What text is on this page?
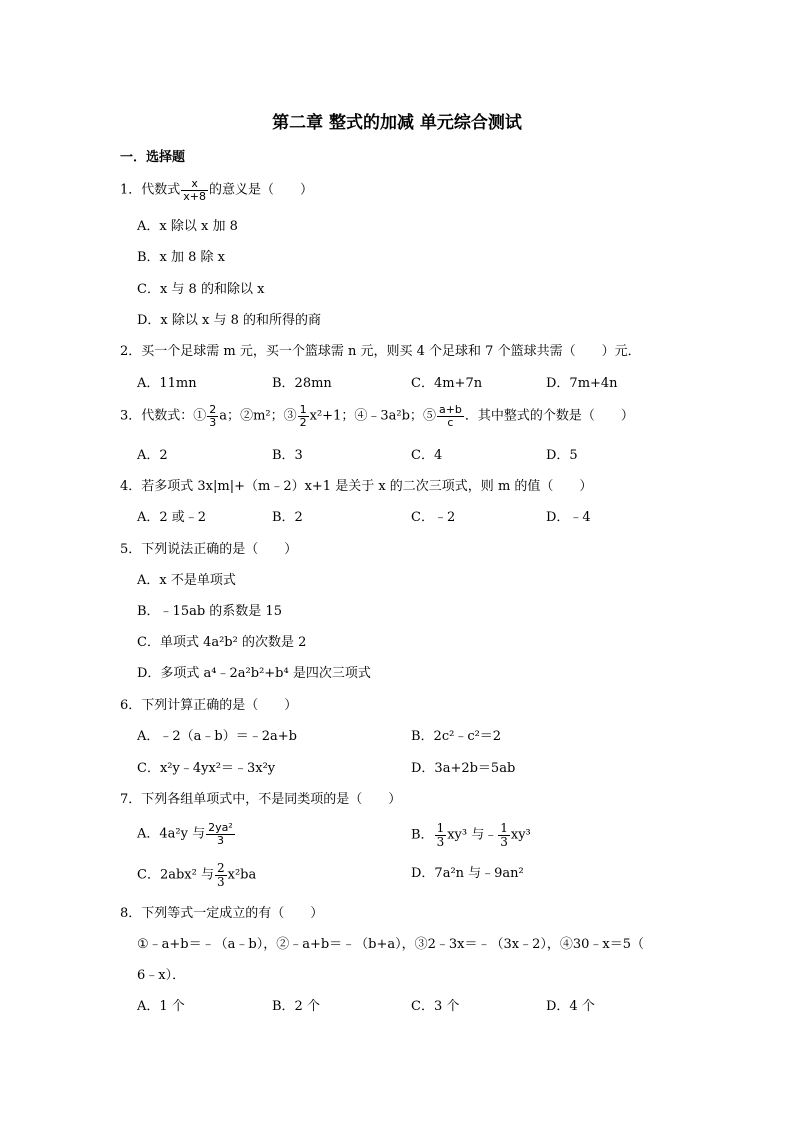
第二章 整式的加减 单元综合测试
一．选择题
1．代数式 $\frac{x}{x+8}$ 的意义是（　　）
A．x 除以 x 加 8
B．x 加 8 除 x
C．x 与 8 的和除以 x
D．x 除以 x 与 8 的和所得的商
2．买一个足球需 m 元，买一个篮球需 n 元，则买 4 个足球和 7 个篮球共需（　　）元．
A．11mn	B．28mn	C．4m+7n	D．7m+4n
3．代数式：① $\frac{2}{3}$ a；②m²；③ $\frac{1}{2} x^2+1$；④﹣3a²b；⑤ $\frac{a+b}{c}$ ．其中整式的个数是（　　）
A．2	B．3	C．4	D．5
4．若多项式 3x|m|+（m﹣2）x+1 是关于 x 的二次三项式，则 m 的值（　　）
A．2 或﹣2	B．2	C．﹣2	D．﹣4
5．下列说法正确的是（　　）
A．x 不是单项式
B．﹣15ab 的系数是 15
C．单项式 4a²b² 的次数是 2
D．多项式 a⁴﹣2a²b²+b⁴ 是四次三项式
6．下列计算正确的是（　　）
A．﹣2（a﹣b）＝﹣2a+b	B．2c²﹣c²＝2
C．x²y﹣4yx²＝﹣3x²y	D．3a+2b＝5ab
7．下列各组单项式中，不是同类项的是（　　）
A．4a²y 与 $\frac{\text{2ya²}}{3}$	B． $\frac{1}{3} xy^3$ 与﹣ $\frac{1}{3} xy^3$
C．2abx² 与 $\frac{2}{3} x^2ba$	D．7a²n 与﹣9an²
8．下列等式一定成立的有（　　）
①﹣a+b＝﹣（a﹣b），②﹣a+b＝﹣（b+a），③2﹣3x＝﹣（3x﹣2），④30﹣x＝5（
6﹣x）．
A．1 个	B．2 个	C．3 个	D．4 个
